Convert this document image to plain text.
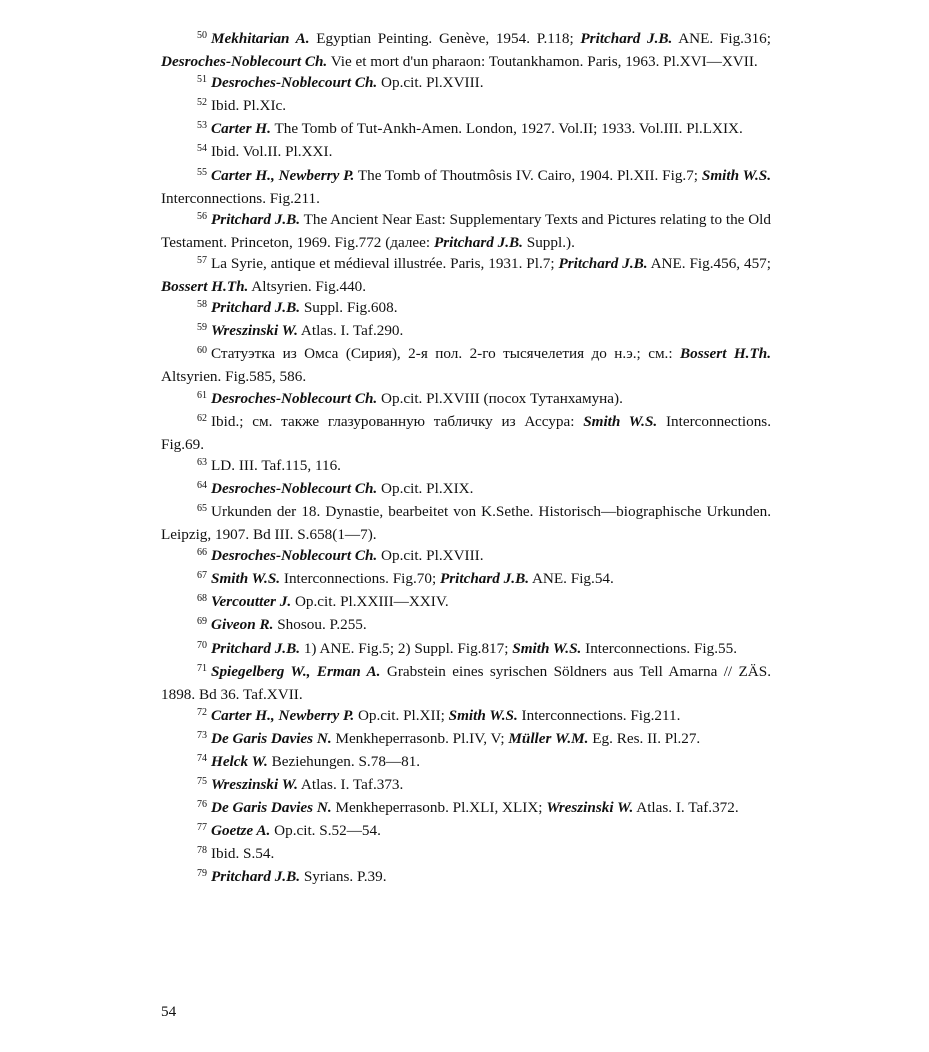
$^{50}$ Mekhitarian A. Egyptian Peinting. Genève, 1954. P.118; Pritchard J.B. ANE. Fig.316; Desroches-Noblecourt Ch. Vie et mort d'un pharaon: Toutankhamon. Paris, 1963. Pl.XVI—XVII.

$^{51}$ Desroches-Noblecourt Ch. Op.cit. Pl.XVIII.

$^{52}$ Ibid. Pl.XIc.

$^{53}$ Carter H. The Tomb of Tut-Ankh-Amen. London, 1927. Vol.II; 1933. Vol.III. Pl.LXIX.

$^{54}$ Ibid. Vol.II. Pl.XXI.

$^{55}$ Carter H., Newberry P. The Tomb of Thoutmôsis IV. Cairo, 1904. Pl.XII. Fig.7; Smith W.S. Interconnections. Fig.211.

$^{56}$ Pritchard J.B. The Ancient Near East: Supplementary Texts and Pictures relating to the Old Testament. Princeton, 1969. Fig.772 (далее: Pritchard J.B. Suppl.).

$^{57}$ La Syrie, antique et médieval illustrée. Paris, 1931. Pl.7; Pritchard J.B. ANE. Fig.456, 457; Bossert H.Th. Altsyrien. Fig.440.

$^{58}$ Pritchard J.B. Suppl. Fig.608.

$^{59}$ Wreszinski W. Atlas. I. Taf.290.

$^{60}$ Статуэтка из Омса (Сирия), 2-я пол. 2-го тысячелетия до н.э.; см.: Bossert H.Th. Altsyrien. Fig.585, 586.

$^{61}$ Desroches-Noblecourt Ch. Op.cit. Pl.XVIII (посох Тутанхамуна).

$^{62}$ Ibid.; см. также глазурованную табличку из Ассура: Smith W.S. Interconnections. Fig.69.

$^{63}$ LD. III. Taf.115, 116.

$^{64}$ Desroches-Noblecourt Ch. Op.cit. Pl.XIX.

$^{65}$ Urkunden der 18. Dynastie, bearbeitet von K.Sethe. Historisch—biographische Urkunden. Leipzig, 1907. Bd III. S.658(1—7).

$^{66}$ Desroches-Noblecourt Ch. Op.cit. Pl.XVIII.

$^{67}$ Smith W.S. Interconnections. Fig.70; Pritchard J.B. ANE. Fig.54.

$^{68}$ Vercoutter J. Op.cit. Pl.XXIII—XXIV.

$^{69}$ Giveon R. Shosou. P.255.

$^{70}$ Pritchard J.B. 1) ANE. Fig.5; 2) Suppl. Fig.817; Smith W.S. Interconnections. Fig.55.

$^{71}$ Spiegelberg W., Erman A. Grabstein eines syrischen Söldners aus Tell Amarna // ZÄS. 1898. Bd 36. Taf.XVII.

$^{72}$ Carter H., Newberry P. Op.cit. Pl.XII; Smith W.S. Interconnections. Fig.211.

$^{73}$ De Garis Davies N. Menkheperrasonb. Pl.IV, V; Müller W.M. Eg. Res. II. Pl.27.

$^{74}$ Helck W. Beziehungen. S.78—81.

$^{75}$ Wreszinski W. Atlas. I. Taf.373.

$^{76}$ De Garis Davies N. Menkheperrasonb. Pl.XLI, XLIX; Wreszinski W. Atlas. I. Taf.372.

$^{77}$ Goetze A. Op.cit. S.52—54.

$^{78}$ Ibid. S.54.

$^{79}$ Pritchard J.B. Syrians. P.39.

54
